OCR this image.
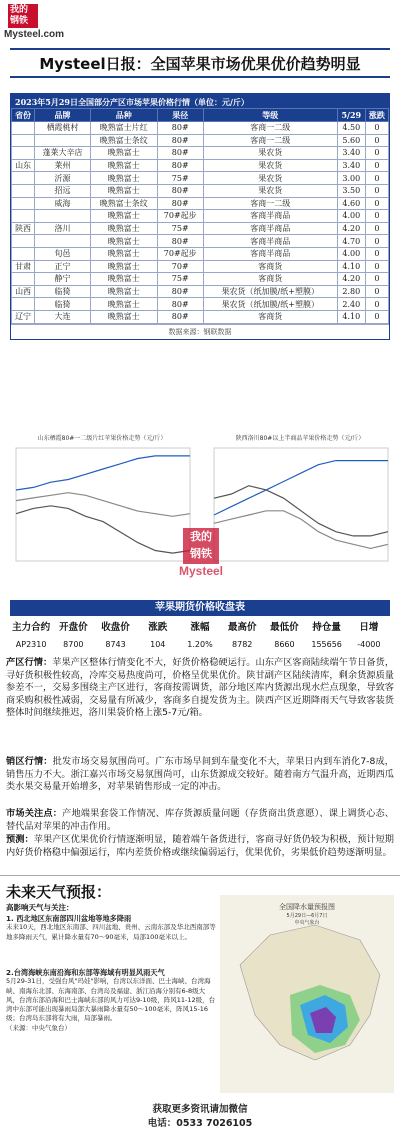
我的
钢铁
Mysteel.com
Mysteel日报：全国苹果市场优果优价趋势明显
2023年5月29日全国部分产区市场苹果价格行情（单位：元/斤）
省份	品牌	品种	果径	等级	5/29	涨跌
	栖霞桃村	晚熟富士片红	80#	客商一二级	4.50	0
		晚熟富士条纹	80#	客商一二级	5.60	0
	蓬莱大辛店	晚熟富士	80#	果农货	3.40	0
山东	莱州	晚熟富士	80#	果农货	3.40	0
	沂源	晚熟富士	75#	果农货	3.00	0
	招远	晚熟富士	80#	果农货	3.50	0
	威海	晚熟富士条纹	80#	客商一二级	4.60	0
		晚熟富士	70#起步	客商半商品	4.00	0
陕西	洛川	晚熟富士	75#	客商半商品	4.20	0
		晚熟富士	80#	客商半商品	4.70	0
	旬邑	晚熟富士	70#起步	客商半商品	4.00	0
甘肃	正宁	晚熟富士	70#	客商货	4.10	0
	静宁	晚熟富士	75#	客商货	4.20	0
山西	临猗	晚熟富士	80#	果农货（纸加膜/纸+塑膜）	2.80	0
	临猗	晚熟富士	80#	果农货（纸加膜/纸+塑膜）	2.40	0
辽宁	大连	晚熟富士	80#	客商货	4.10	0
数据来源：钢联数据
山东栖霞80#一二级片红苹果价格走势（元/斤）	陕西洛川80#以上半商品苹果价格走势（元/斤）
我的
钢铁
Mysteel
苹果期货价格收盘表
主力合约 开盘价	收盘价	涨跌	涨幅	最高价	最低价	持仓量	日增
AP2310	8700	8743	104	1.20%	8782	8660	155656	-4000
产区行情：苹果产区整体行情变化不大，好货价格稳硬运行。山东产区客商陆续端午节日备货，寻好货积极性较高，冷库交易热度尚可，价格呈优果优价。陕甘副产区陆续清库，剩余货源质量参差不一，交易多围绕主产区进行，客商按需调货，部分地区库内货源出现水烂点现象，导致客商采购积极性减弱，交易量有所减少，客商多自提发货为主。陕西产区近期降雨天气导致客装货整体时间继续推迟，洛川果袋价格上涨5-7元/箱。
销区行情：批发市场交易氛围尚可。广东市场早间到车量变化不大，苹果日内到车消化7-8成，销售压力不大。浙江嘉兴市场交易氛围尚可，山东货源成交较好。随着南方气温升高，近期西瓜类水果交易量开始增多，对苹果销售形成一定的冲击。
市场关注点：产地端果套袋工作情况、库存货源质量问题（存货商出货意愿）、课上调货心态、替代品对苹果的冲击作用。
预测：苹果产区优果优价行情逐渐明显，随着端午备货进行，客商寻好货仍较为积极，预计短期内好货价格稳中偏强运行，库内差货价格或继续偏弱运行，优果优价，劣果低价趋势逐渐明显。
未来天气预报：
高影响天气与关注：
1. 西北地区东南部四川盆地等地多降雨
未来10天，西北地区东南部、四川盆地、贵州、云南东部及华北西南部等地多降雨天气，累计降水量有70～90毫米，局部100毫米以上。
2.台湾海峡东南沿海和东部等海域有明显风雨天气
5月29-31日，受强台风"玛娃"影响，台湾以东洋面、巴士海峡、台湾海峡、南海东北部、东海南部、台湾岛及福建、浙江沿海分别有6-8级大风，台湾东部沿海和巴士海峡东部的风力可达9-10级，阵风11-12级，台湾中东部可能出现暴雨局部大暴雨降水量有50～100毫米，阵风15-16级；台湾岛东部将有大雨，局部暴雨。
（来源：中央气象台）
全国降水量预报图
5月29日—6月7日
中央气象台
获取更多资讯请加微信
电话：0533 7026105
